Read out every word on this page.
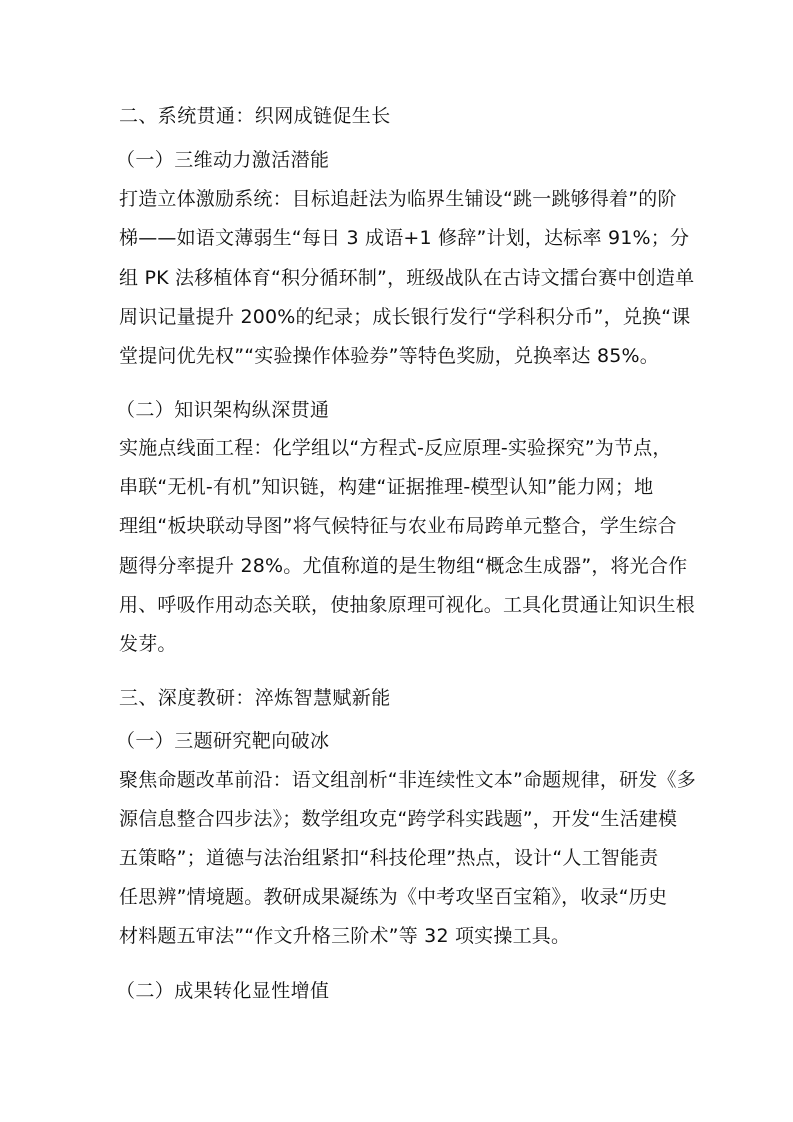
二、系统贯通：织网成链促生长
（一）三维动力激活潜能
打造立体激励系统：目标追赶法为临界生铺设“跳一跳够得着”的阶
梯——如语文薄弱生“每日 3 成语+1 修辞”计划，达标率 91%；分
组 PK 法移植体育“积分循环制”，班级战队在古诗文擂台赛中创造单
周识记量提升 200%的纪录；成长银行发行“学科积分币”，兑换“课
堂提问优先权”“实验操作体验券”等特色奖励，兑换率达 85%。
（二）知识架构纵深贯通
实施点线面工程：化学组以“方程式-反应原理-实验探究”为节点，
串联“无机-有机”知识链，构建“证据推理-模型认知”能力网；地
理组“板块联动导图”将气候特征与农业布局跨单元整合，学生综合
题得分率提升 28%。尤值称道的是生物组“概念生成器”，将光合作
用、呼吸作用动态关联，使抽象原理可视化。工具化贯通让知识生根
发芽。
三、深度教研：淬炼智慧赋新能
（一）三题研究靶向破冰
聚焦命题改革前沿：语文组剖析“非连续性文本”命题规律，研发《多
源信息整合四步法》；数学组攻克“跨学科实践题”，开发“生活建模
五策略”；道德与法治组紧扣“科技伦理”热点，设计“人工智能责
任思辨”情境题。教研成果凝练为《中考攻坚百宝箱》，收录“历史
材料题五审法”“作文升格三阶术”等 32 项实操工具。
（二）成果转化显性增值
